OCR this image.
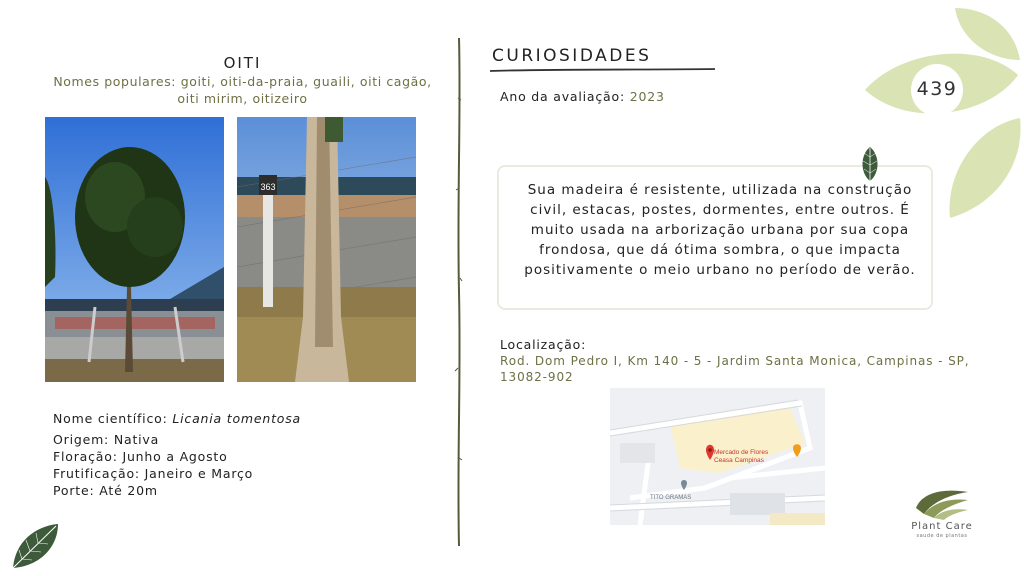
439
OITI
Nomes populares: goiti, oiti-da-praia, guaili, oiti cagão, oiti mirim, oitizeiro
363
Nome científico: Licania tomentosa
Origem: Nativa
Floração: Junho a Agosto
Frutificação: Janeiro e Março
Porte: Até 20m
CURIOSIDADES
Ano da avaliação: 2023
Sua madeira é resistente, utilizada na construção civil, estacas, postes, dormentes, entre outros. É muito usada na arborização urbana por sua copa frondosa, que dá ótima sombra, o que impacta positivamente o meio urbano no período de verão.
Localização:
Rod. Dom Pedro I, Km 140 - 5 - Jardim Santa Monica, Campinas - SP, 13082-902
Mercado de Flores
Ceasa Campinas
TITO GRAMAS
Plant Care
saude de plantas
